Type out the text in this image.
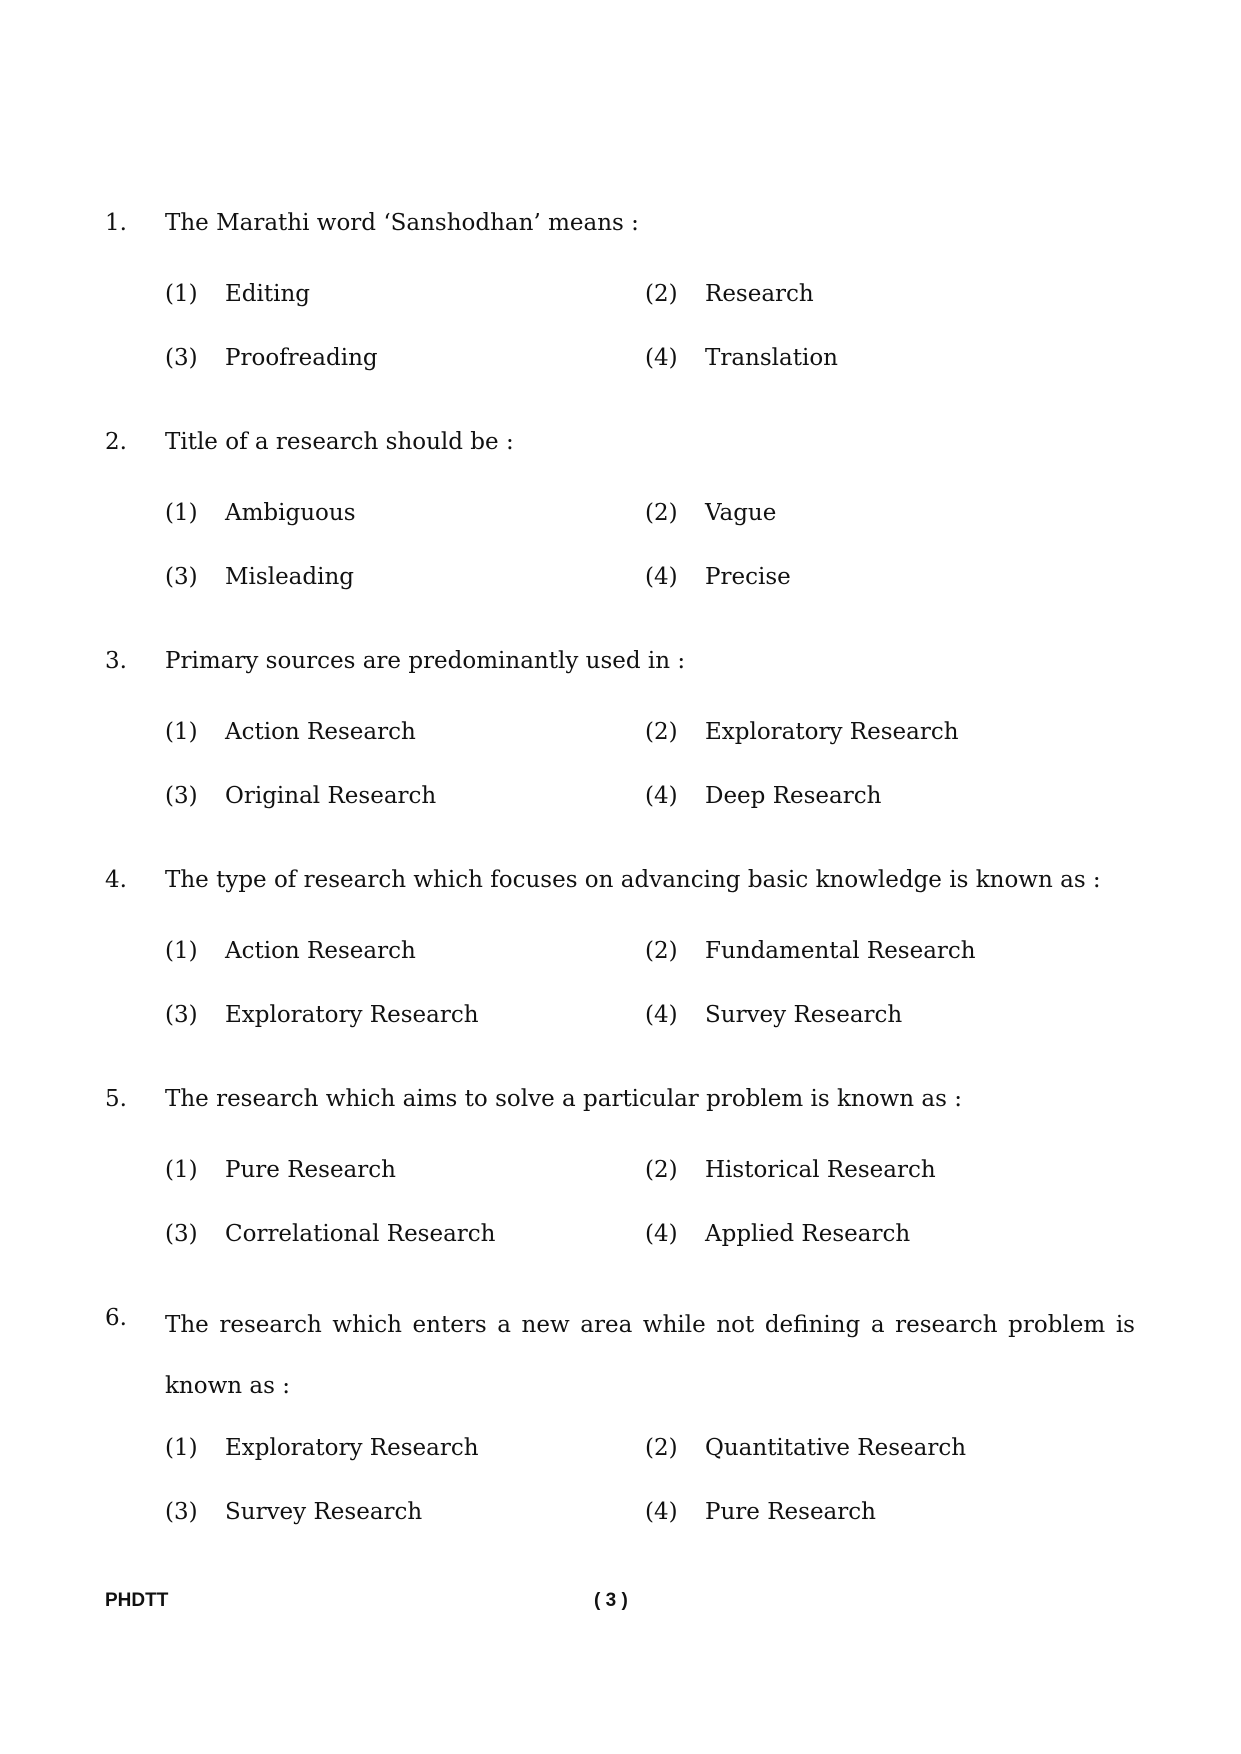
1. The Marathi word ‘Sanshodhan’ means :
(1) Editing	(2) Research
(3) Proofreading	(4) Translation
2. Title of a research should be :
(1) Ambiguous	(2) Vague
(3) Misleading	(4) Precise
3. Primary sources are predominantly used in :
(1) Action Research	(2) Exploratory Research
(3) Original Research	(4) Deep Research
4. The type of research which focuses on advancing basic knowledge is known as :
(1) Action Research	(2) Fundamental Research
(3) Exploratory Research	(4) Survey Research
5. The research which aims to solve a particular problem is known as :
(1) Pure Research	(2) Historical Research
(3) Correlational Research	(4) Applied Research
6. The research which enters a new area while not defining a research problem is known as :
(1) Exploratory Research	(2) Quantitative Research
(3) Survey Research	(4) Pure Research
PHDTT	( 3 )
